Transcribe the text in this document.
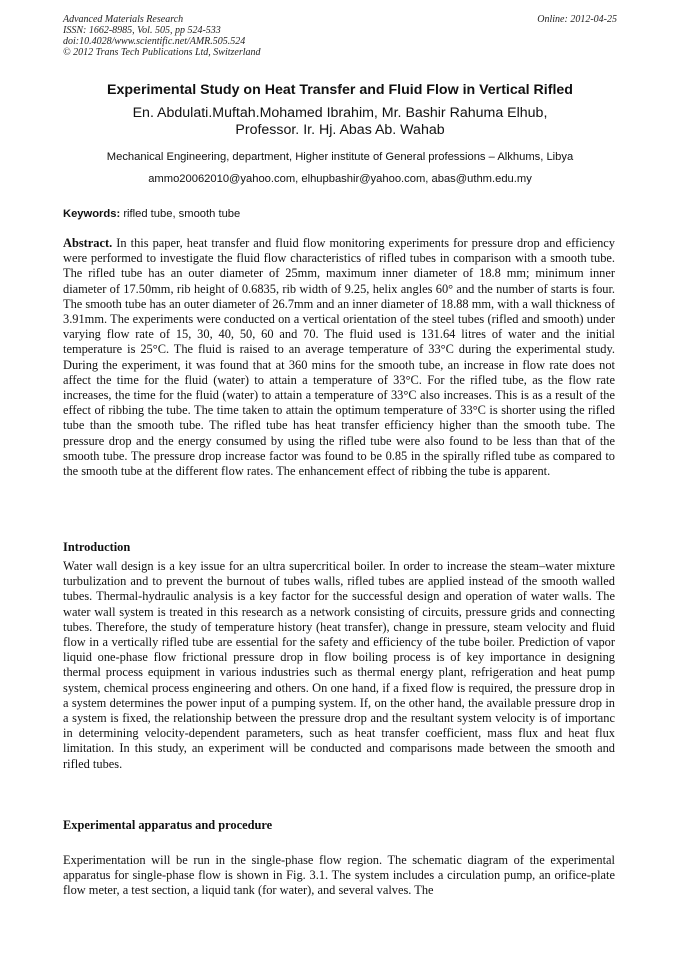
Advanced Materials Research
ISSN: 1662-8985, Vol. 505, pp 524-533
doi:10.4028/www.scientific.net/AMR.505.524
© 2012 Trans Tech Publications Ltd, Switzerland
Online: 2012-04-25
Experimental Study on Heat Transfer and Fluid Flow in Vertical Rifled
En. Abdulati.Muftah.Mohamed Ibrahim, Mr. Bashir Rahuma Elhub,
Professor. Ir. Hj. Abas Ab. Wahab
Mechanical Engineering, department, Higher institute of General professions – Alkhums, Libya
ammo20062010@yahoo.com, elhupbashir@yahoo.com, abas@uthm.edu.my
Keywords: rifled tube, smooth tube
Abstract. In this paper, heat transfer and fluid flow monitoring experiments for pressure drop and efficiency were performed to investigate the fluid flow characteristics of rifled tubes in comparison with a smooth tube. The rifled tube has an outer diameter of 25mm, maximum inner diameter of 18.8 mm; minimum inner diameter of 17.50mm, rib height of 0.6835, rib width of 9.25, helix angles 60° and the number of starts is four. The smooth tube has an outer diameter of 26.7mm and an inner diameter of 18.88 mm, with a wall thickness of 3.91mm. The experiments were conducted on a vertical orientation of the steel tubes (rifled and smooth) under varying flow rate of 15, 30, 40, 50, 60 and 70. The fluid used is 131.64 litres of water and the initial temperature is 25°C. The fluid is raised to an average temperature of 33°C during the experimental study. During the experiment, it was found that at 360 mins for the smooth tube, an increase in flow rate does not affect the time for the fluid (water) to attain a temperature of 33°C. For the rifled tube, as the flow rate increases, the time for the fluid (water) to attain a temperature of 33°C also increases. This is as a result of the effect of ribbing the tube. The time taken to attain the optimum temperature of 33°C is shorter using the rifled tube than the smooth tube. The rifled tube has heat transfer efficiency higher than the smooth tube. The pressure drop and the energy consumed by using the rifled tube were also found to be less than that of the smooth tube. The pressure drop increase factor was found to be 0.85 in the spirally rifled tube as compared to the smooth tube at the different flow rates. The enhancement effect of ribbing the tube is apparent.
Introduction
Water wall design is a key issue for an ultra supercritical boiler. In order to increase the steam–water mixture turbulization and to prevent the burnout of tubes walls, rifled tubes are applied instead of the smooth walled tubes. Thermal-hydraulic analysis is a key factor for the successful design and operation of water walls. The water wall system is treated in this research as a network consisting of circuits, pressure grids and connecting tubes. Therefore, the study of temperature history (heat transfer), change in pressure, steam velocity and fluid flow in a vertically rifled tube are essential for the safety and efficiency of the tube boiler. Prediction of vapor liquid one-phase flow frictional pressure drop in flow boiling process is of key importance in designing thermal process equipment in various industries such as thermal energy plant, refrigeration and heat pump system, chemical process engineering and others. On one hand, if a fixed flow is required, the pressure drop in a system determines the power input of a pumping system. If, on the other hand, the available pressure drop in a system is fixed, the relationship between the pressure drop and the resultant system velocity is of importanc in determining velocity-dependent parameters, such as heat transfer coefficient, mass flux and heat flux limitation. In this study, an experiment will be conducted and comparisons made between the smooth and rifled tubes.
Experimental apparatus and procedure
Experimentation will be run in the single-phase flow region. The schematic diagram of the experimental apparatus for single-phase flow is shown in Fig. 3.1. The system includes a circulation pump, an orifice-plate flow meter, a test section, a liquid tank (for water), and several valves. The
